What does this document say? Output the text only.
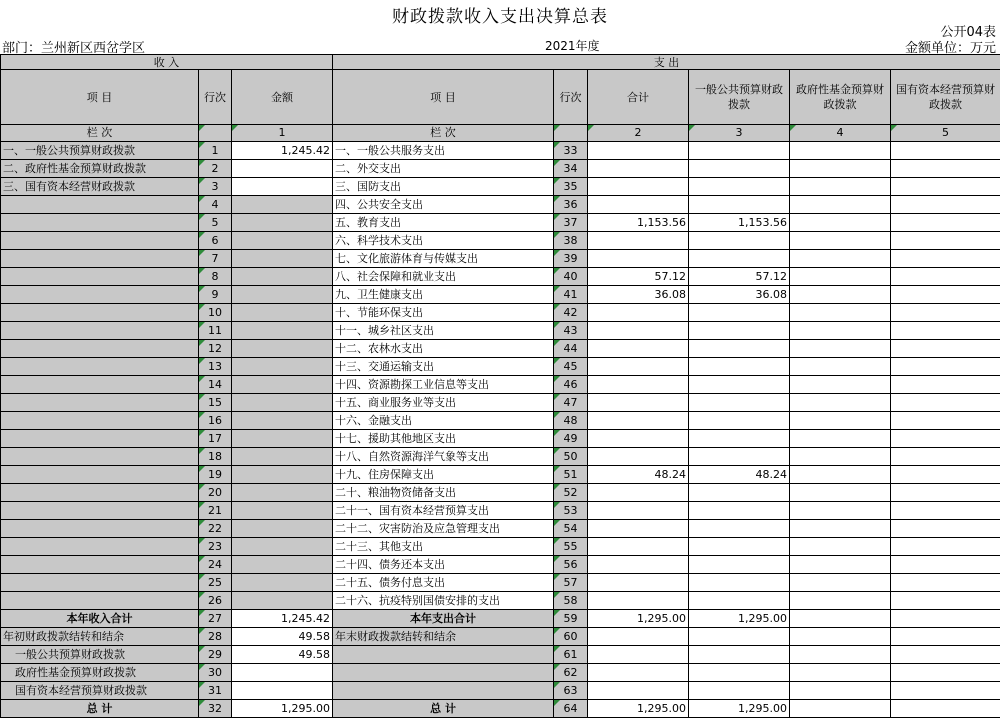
财政拨款收入支出决算总表
公开04表
部门：兰州新区西岔学区	2021年度	金额单位：万元
收 入			支 出					
项 目	行次	金额	项 目	行次	合计	一般公共预算财政拨款	政府性基金预算财政拨款	国有资本经营预算财政拨款
栏 次		1	栏 次		2	3	4	5
一、一般公共预算财政拨款	1	1,245.42	一、一般公共服务支出	33				
二、政府性基金预算财政拨款	2		二、外交支出	34				
三、国有资本经营财政拨款	3		三、国防支出	35				
	4		四、公共安全支出	36				
	5		五、教育支出	37	1,153.56	1,153.56		
	6		六、科学技术支出	38				
	7		七、文化旅游体育与传媒支出	39				
	8		八、社会保障和就业支出	40	57.12	57.12		
	9		九、卫生健康支出	41	36.08	36.08		
	10		十、节能环保支出	42				
	11		十一、城乡社区支出	43				
	12		十二、农林水支出	44				
	13		十三、交通运输支出	45				
	14		十四、资源勘探工业信息等支出	46				
	15		十五、商业服务业等支出	47				
	16		十六、金融支出	48				
	17		十七、援助其他地区支出	49				
	18		十八、自然资源海洋气象等支出	50				
	19		十九、住房保障支出	51	48.24	48.24		
	20		二十、粮油物资储备支出	52				
	21		二十一、国有资本经营预算支出	53				
	22		二十二、灾害防治及应急管理支出	54				
	23		二十三、其他支出	55				
	24		二十四、债务还本支出	56				
	25		二十五、债务付息支出	57				
	26		二十六、抗疫特别国债安排的支出	58				
本年收入合计	27	1,245.42	本年支出合计	59	1,295.00	1,295.00		
年初财政拨款结转和结余	28	49.58	年末财政拨款结转和结余	60				
一般公共预算财政拨款	29	49.58		61				
政府性基金预算财政拨款	30			62				
国有资本经营预算财政拨款	31			63				
总 计	32	1,295.00	总 计	64	1,295.00	1,295.00		
